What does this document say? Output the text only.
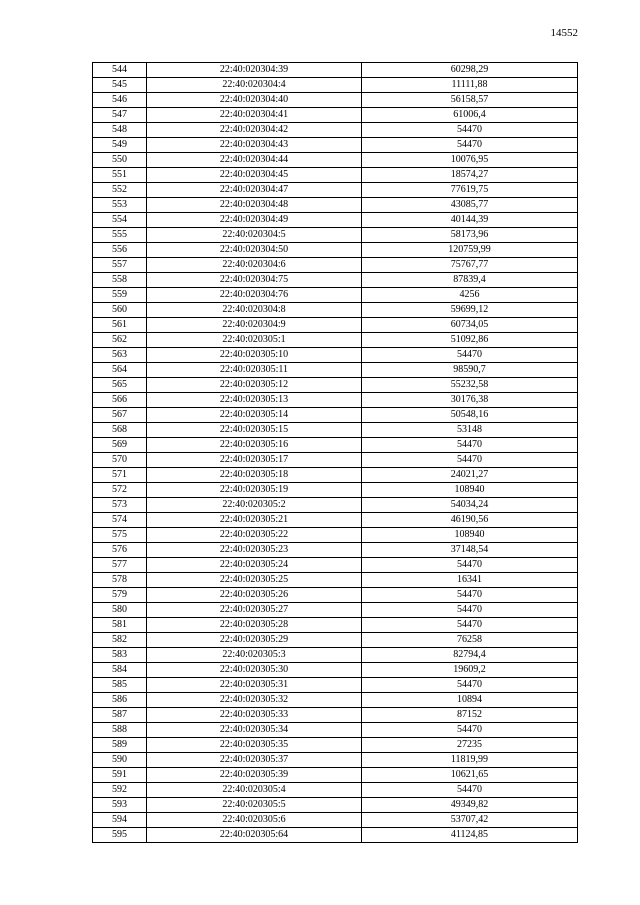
14552
544	22:40:020304:39	60298,29
545	22:40:020304:4	11111,88
546	22:40:020304:40	56158,57
547	22:40:020304:41	61006,4
548	22:40:020304:42	54470
549	22:40:020304:43	54470
550	22:40:020304:44	10076,95
551	22:40:020304:45	18574,27
552	22:40:020304:47	77619,75
553	22:40:020304:48	43085,77
554	22:40:020304:49	40144,39
555	22:40:020304:5	58173,96
556	22:40:020304:50	120759,99
557	22:40:020304:6	75767,77
558	22:40:020304:75	87839,4
559	22:40:020304:76	4256
560	22:40:020304:8	59699,12
561	22:40:020304:9	60734,05
562	22:40:020305:1	51092,86
563	22:40:020305:10	54470
564	22:40:020305:11	98590,7
565	22:40:020305:12	55232,58
566	22:40:020305:13	30176,38
567	22:40:020305:14	50548,16
568	22:40:020305:15	53148
569	22:40:020305:16	54470
570	22:40:020305:17	54470
571	22:40:020305:18	24021,27
572	22:40:020305:19	108940
573	22:40:020305:2	54034,24
574	22:40:020305:21	46190,56
575	22:40:020305:22	108940
576	22:40:020305:23	37148,54
577	22:40:020305:24	54470
578	22:40:020305:25	16341
579	22:40:020305:26	54470
580	22:40:020305:27	54470
581	22:40:020305:28	54470
582	22:40:020305:29	76258
583	22:40:020305:3	82794,4
584	22:40:020305:30	19609,2
585	22:40:020305:31	54470
586	22:40:020305:32	10894
587	22:40:020305:33	87152
588	22:40:020305:34	54470
589	22:40:020305:35	27235
590	22:40:020305:37	11819,99
591	22:40:020305:39	10621,65
592	22:40:020305:4	54470
593	22:40:020305:5	49349,82
594	22:40:020305:6	53707,42
595	22:40:020305:64	41124,85
